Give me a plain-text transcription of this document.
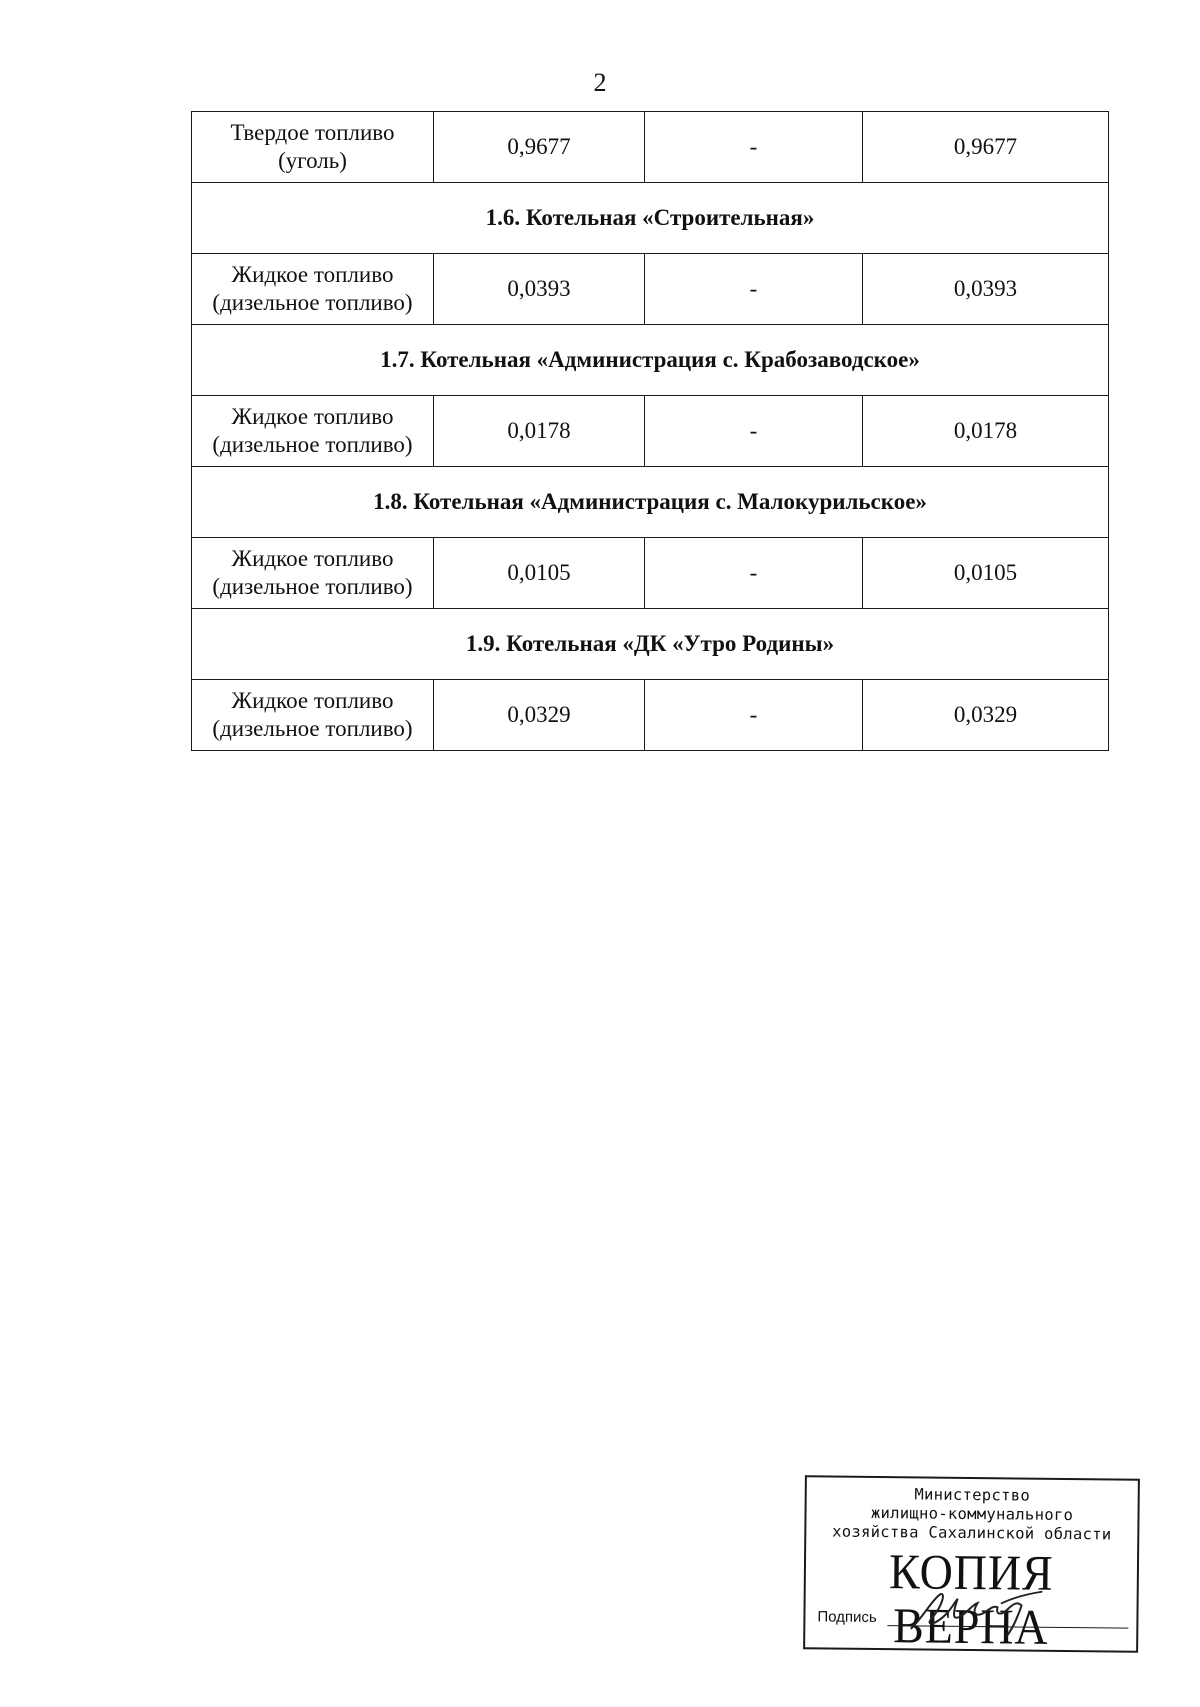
2
Твердое топливо
(уголь)	0,9677	-	0,9677
1.6. Котельная «Строительная»			
Жидкое топливо
(дизельное топливо)	0,0393	-	0,0393
1.7. Котельная «Администрация с. Крабозаводское»			
Жидкое топливо
(дизельное топливо)	0,0178	-	0,0178
1.8. Котельная «Администрация с. Малокурильское»			
Жидкое топливо
(дизельное топливо)	0,0105	-	0,0105
1.9. Котельная «ДК «Утро Родины»			
Жидкое топливо
(дизельное топливо)	0,0329	-	0,0329
Министерство
жилищно-коммунального
хозяйства Сахалинской области
КОПИЯ ВЕРНА
Подпись
